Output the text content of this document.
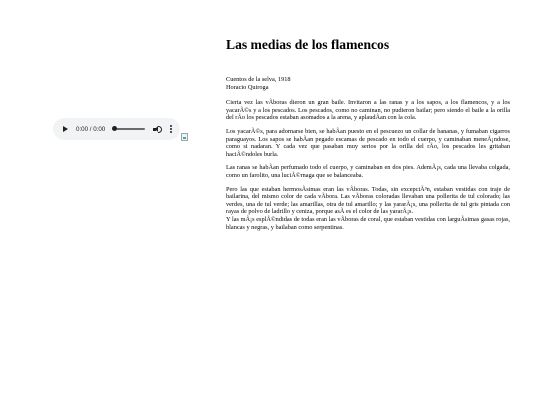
0:00 / 0:00
Las medias de los flamencos
Cuentos de la selva, 1918
Horacio Quiroga

Cierta vez las vÃboras dieron un gran baile. Invitaron a las ranas y a los sapos, a los flamencos, y a los yacarÃ©s y a los pescados. Los pescados, como no caminan, no pudieron bailar; pero siendo el baile a la orilla del rÃo los pescados estaban asomados a la arena, y aplaudÃan con la cola.

Los yacarÃ©s, para adornarse bien, se habÃan puesto en el pescuezo un collar de bananas, y fumaban cigarros paraguayos. Los sapos se habÃan pegado escamas de pescado en todo el cuerpo, y caminaban meneÃ¡ndose, como si nadaran. Y cada vez que pasaban muy serios por la orilla del rÃo, los pescados les gritaban haciÃ©ndoles burla.

Las ranas se habÃan perfumado todo el cuerpo, y caminaban en dos pies. AdemÃ¡s, cada una llevaba colgada, como un farolito, una luciÃ©rnaga que se balanceaba.

Pero las que estaban hermosÃsimas eran las vÃboras. Todas, sin excepciÃ³n, estaban vestidas con traje de bailarina, del mismo color de cada vÃbora. Las vÃboras coloradas llevaban una pollerita de tul colorado; las verdes, una de tul verde; las amarillas, otra de tul amarillo; y las yararÃ¡s, una pollerita de tul gris pintada con rayas de polvo de ladrillo y ceniza, porque asÃ es el color de las yararÃ¡s.

Y las mÃ¡s esplÃ©ndidas de todas eran las vÃboras de coral, que estaban vestidas con larguÃsimas gasas rojas, blancas y negras, y bailaban como serpentinas.
